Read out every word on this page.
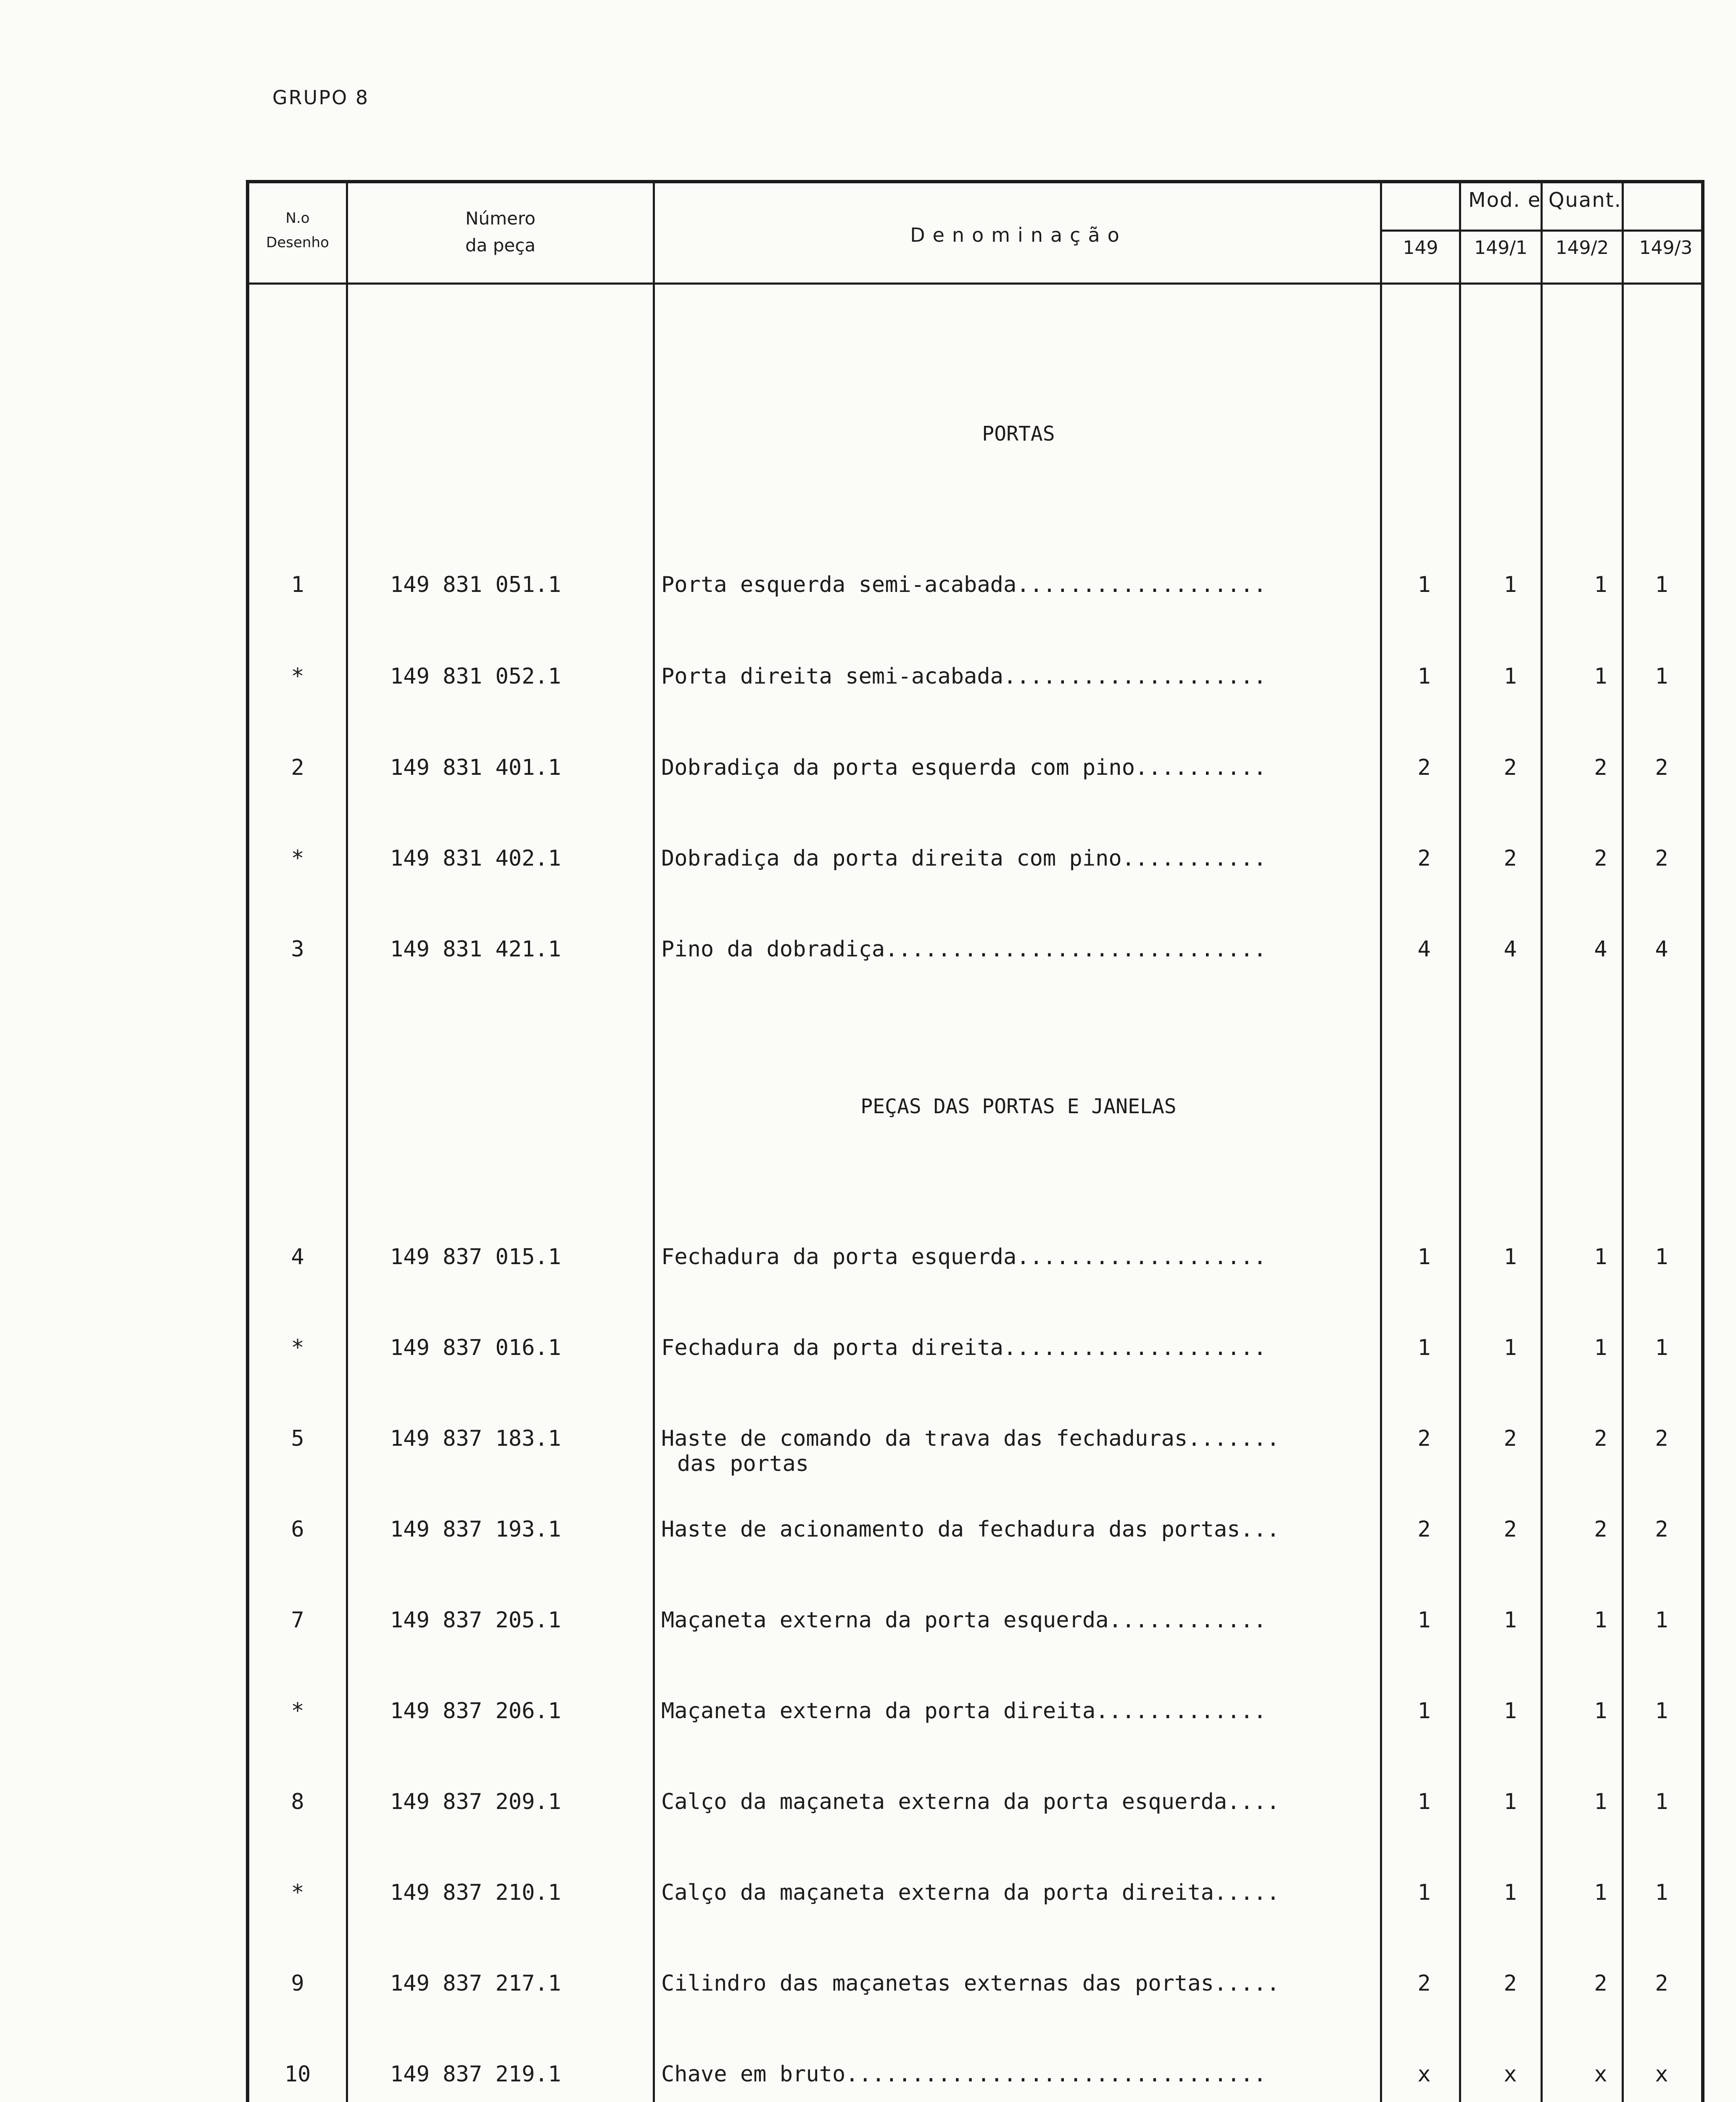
GRUPO 8
N.o
Desenho
Número
da peça	Denominação
Mod. e Quant.
149	149/1	149/2	149/3
PORTAS
PEÇAS DAS PORTAS E JANELAS
1	149 831 051.1	Porta esquerda semi-acabada...................	1	1	1	1
*	149 831 052.1	Porta direita semi-acabada....................	1	1	1	1
2	149 831 401.1	Dobradiça da porta esquerda com pino..........	2	2	2	2
*	149 831 402.1	Dobradiça da porta direita com pino...........	2	2	2	2
3	149 831 421.1	Pino da dobradiça.............................	4	4	4	4
4	149 837 015.1	Fechadura da porta esquerda...................	1	1	1	1
*	149 837 016.1	Fechadura da porta direita....................	1	1	1	1
5	149 837 183.1	Haste de comando da trava das fechaduras.......
das portas
2	2	2	2
6	149 837 193.1	Haste de acionamento da fechadura das portas...	2	2	2	2
7	149 837 205.1	Maçaneta externa da porta esquerda............	1	1	1	1
*	149 837 206.1	Maçaneta externa da porta direita.............	1	1	1	1
8	149 837 209.1	Calço da maçaneta externa da porta esquerda....	1	1	1	1
*	149 837 210.1	Calço da maçaneta externa da porta direita.....	1	1	1	1
9	149 837 217.1	Cilindro das maçanetas externas das portas.....	2	2	2	2
10	149 837 219.1	Chave em bruto................................	x	x	x	x
